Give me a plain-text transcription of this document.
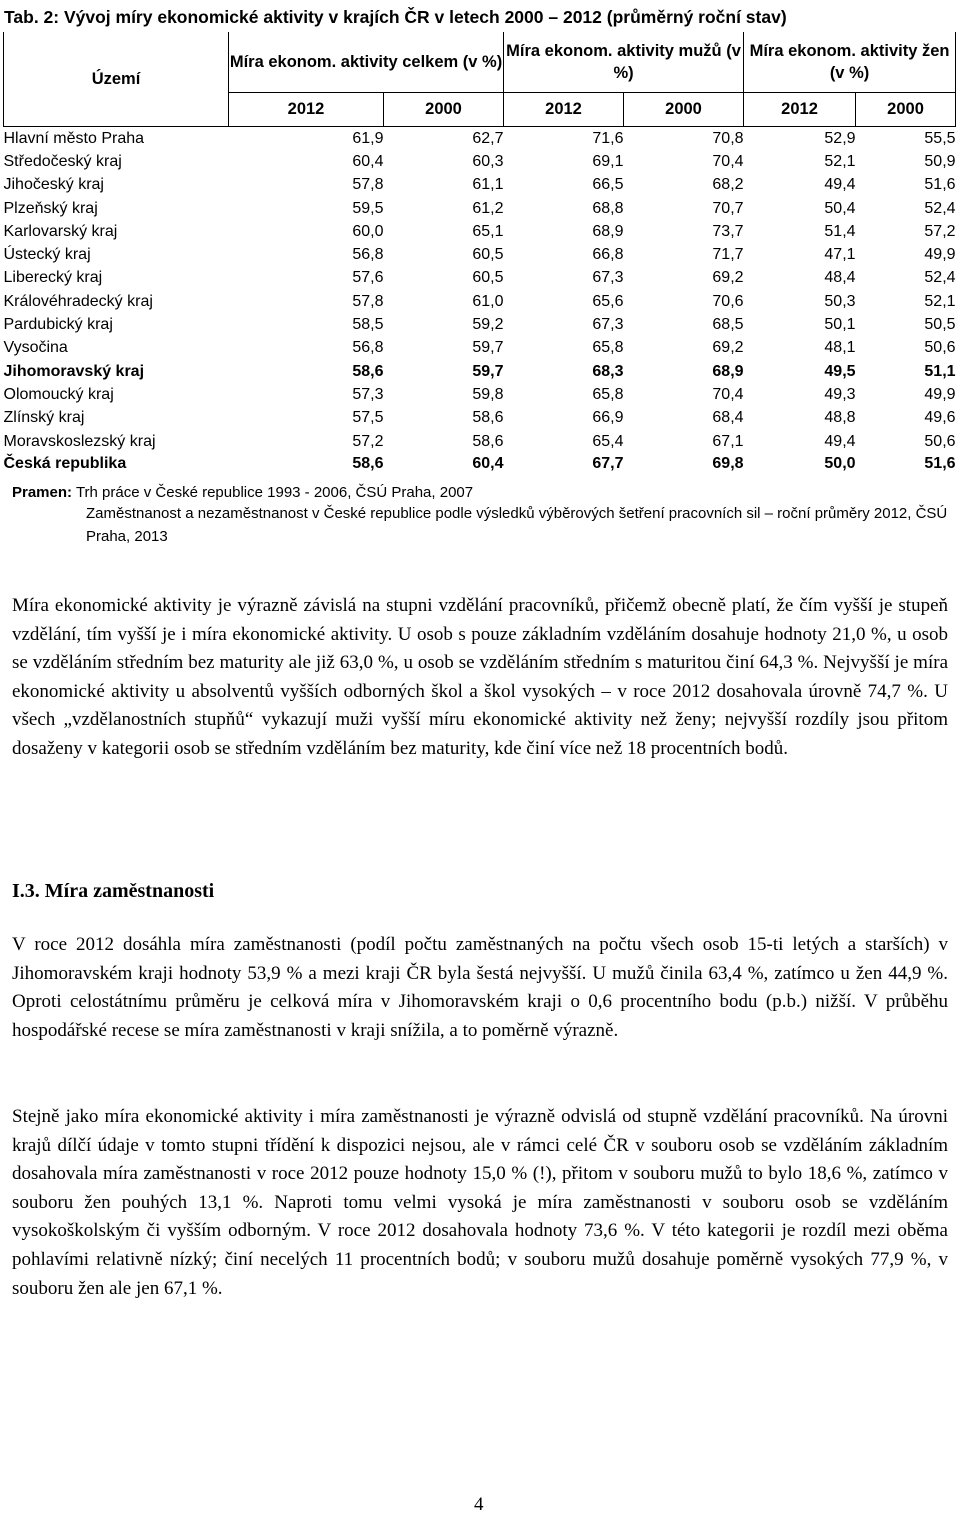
Tab. 2: Vývoj míry ekonomické aktivity v krajích ČR v letech 2000 – 2012 (průměrný roční stav)
Území	Míra ekonom. aktivity celkem (v %)		Míra ekonom. aktivity mužů (v %)		Míra ekonom. aktivity žen (v %)	
	2012	2000	2012	2000	2012	2000
Hlavní město Praha	61,9	62,7	71,6	70,8	52,9	55,5
Středočeský kraj	60,4	60,3	69,1	70,4	52,1	50,9
Jihočeský kraj	57,8	61,1	66,5	68,2	49,4	51,6
Plzeňský kraj	59,5	61,2	68,8	70,7	50,4	52,4
Karlovarský kraj	60,0	65,1	68,9	73,7	51,4	57,2
Ústecký kraj	56,8	60,5	66,8	71,7	47,1	49,9
Liberecký kraj	57,6	60,5	67,3	69,2	48,4	52,4
Královéhradecký kraj	57,8	61,0	65,6	70,6	50,3	52,1
Pardubický kraj	58,5	59,2	67,3	68,5	50,1	50,5
Vysočina	56,8	59,7	65,8	69,2	48,1	50,6
Jihomoravský kraj	58,6	59,7	68,3	68,9	49,5	51,1
Olomoucký kraj	57,3	59,8	65,8	70,4	49,3	49,9
Zlínský kraj	57,5	58,6	66,9	68,4	48,8	49,6
Moravskoslezský kraj	57,2	58,6	65,4	67,1	49,4	50,6
Česká republika	58,6	60,4	67,7	69,8	50,0	51,6
Pramen: Trh práce v České republice 1993 - 2006, ČSÚ Praha, 2007
Zaměstnanost a nezaměstnanost v České republice podle výsledků výběrových šetření pracovních sil – roční průměry 2012, ČSÚ Praha, 2013

Míra ekonomické aktivity je výrazně závislá na stupni vzdělání pracovníků, přičemž obecně platí, že čím vyšší je stupeň vzdělání, tím vyšší je i míra ekonomické aktivity. U osob s pouze základním vzděláním dosahuje hodnoty 21,0 %, u osob se vzděláním středním bez maturity ale již 63,0 %, u osob se vzděláním středním s maturitou činí 64,3 %. Nejvyšší je míra ekonomické aktivity u absolventů vyšších odborných škol a škol vysokých – v roce 2012 dosahovala úrovně 74,7 %. U všech „vzdělanostních stupňů“ vykazují muži vyšší míru ekonomické aktivity než ženy; nejvyšší rozdíly jsou přitom dosaženy v kategorii osob se středním vzděláním bez maturity, kde činí více než 18 procentních bodů.

I.3. Míra zaměstnanosti

V roce 2012 dosáhla míra zaměstnanosti (podíl počtu zaměstnaných na počtu všech osob 15-ti letých a starších) v Jihomoravském kraji hodnoty 53,9 % a mezi kraji ČR byla šestá nejvyšší. U mužů činila 63,4 %, zatímco u žen 44,9 %. Oproti celostátnímu průměru je celková míra v Jihomoravském kraji o 0,6 procentního bodu (p.b.) nižší. V průběhu hospodářské recese se míra zaměstnanosti v kraji snížila, a to poměrně výrazně.

Stejně jako míra ekonomické aktivity i míra zaměstnanosti je výrazně odvislá od stupně vzdělání pracovníků. Na úrovni krajů dílčí údaje v tomto stupni třídění k dispozici nejsou, ale v rámci celé ČR v souboru osob se vzděláním základním dosahovala míra zaměstnanosti v roce 2012 pouze hodnoty 15,0 % (!), přitom v souboru mužů to bylo 18,6 %, zatímco v souboru žen pouhých 13,1 %. Naproti tomu velmi vysoká je míra zaměstnanosti v souboru osob se vzděláním vysokoškolským či vyšším odborným. V roce 2012 dosahovala hodnoty 73,6 %. V této kategorii je rozdíl mezi oběma pohlavími relativně nízký; činí necelých 11 procentních bodů; v souboru mužů dosahuje poměrně vysokých 77,9 %, v souboru žen ale jen 67,1 %.

4
